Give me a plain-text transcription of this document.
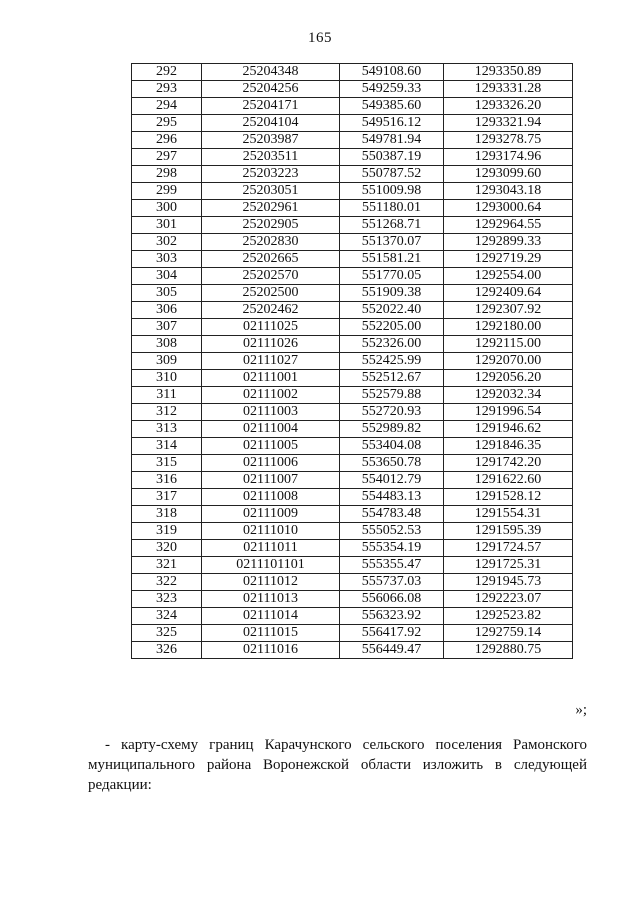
165
292	25204348	549108.60	1293350.89
293	25204256	549259.33	1293331.28
294	25204171	549385.60	1293326.20
295	25204104	549516.12	1293321.94
296	25203987	549781.94	1293278.75
297	25203511	550387.19	1293174.96
298	25203223	550787.52	1293099.60
299	25203051	551009.98	1293043.18
300	25202961	551180.01	1293000.64
301	25202905	551268.71	1292964.55
302	25202830	551370.07	1292899.33
303	25202665	551581.21	1292719.29
304	25202570	551770.05	1292554.00
305	25202500	551909.38	1292409.64
306	25202462	552022.40	1292307.92
307	02111025	552205.00	1292180.00
308	02111026	552326.00	1292115.00
309	02111027	552425.99	1292070.00
310	02111001	552512.67	1292056.20
311	02111002	552579.88	1292032.34
312	02111003	552720.93	1291996.54
313	02111004	552989.82	1291946.62
314	02111005	553404.08	1291846.35
315	02111006	553650.78	1291742.20
316	02111007	554012.79	1291622.60
317	02111008	554483.13	1291528.12
318	02111009	554783.48	1291554.31
319	02111010	555052.53	1291595.39
320	02111011	555354.19	1291724.57
321	0211101101	555355.47	1291725.31
322	02111012	555737.03	1291945.73
323	02111013	556066.08	1292223.07
324	02111014	556323.92	1292523.82
325	02111015	556417.92	1292759.14
326	02111016	556449.47	1292880.75
»;

- карту-схему границ Карачунского сельского поселения Рамонского муниципального района Воронежской области изложить в следующей редакции:
